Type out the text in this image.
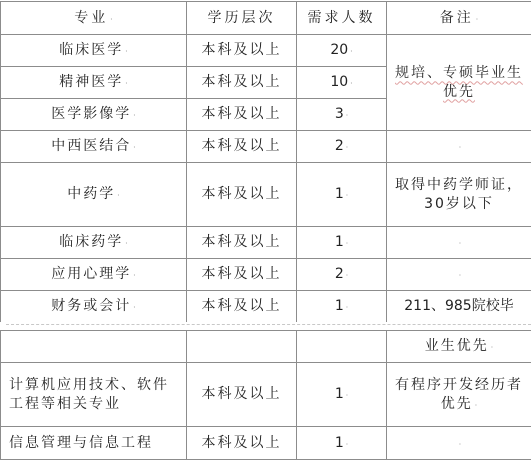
专业 ⸱	学历层次	需求人数	备注 ⸱
临床医学 ⸱	本科及以上	20 ⸱	规培、专硕毕业生优先
精神医学 ⸱	本科及以上	10 ⸱	
医学影像学 ⸱	本科及以上	3 ⸱	
中西医结合 ⸱	本科及以上	2 ⸱	⸱
中药学 ⸱	本科及以上	1 ⸱	取得中药学师证，30岁以下
临床药学 ⸱	本科及以上	1 ⸱	⸱
应用心理学 ⸱	本科及以上	2 ⸱	⸱
财务或会计 ⸱	本科及以上	1 ⸱	211、985院校毕
			业生优先 ⸱
计算机应用技术、软件工程等相关专业	本科及以上	1 ⸱	有程序开发经历者优先 ⸱
信息管理与信息工程	本科及以上	1 ⸱	⸱
